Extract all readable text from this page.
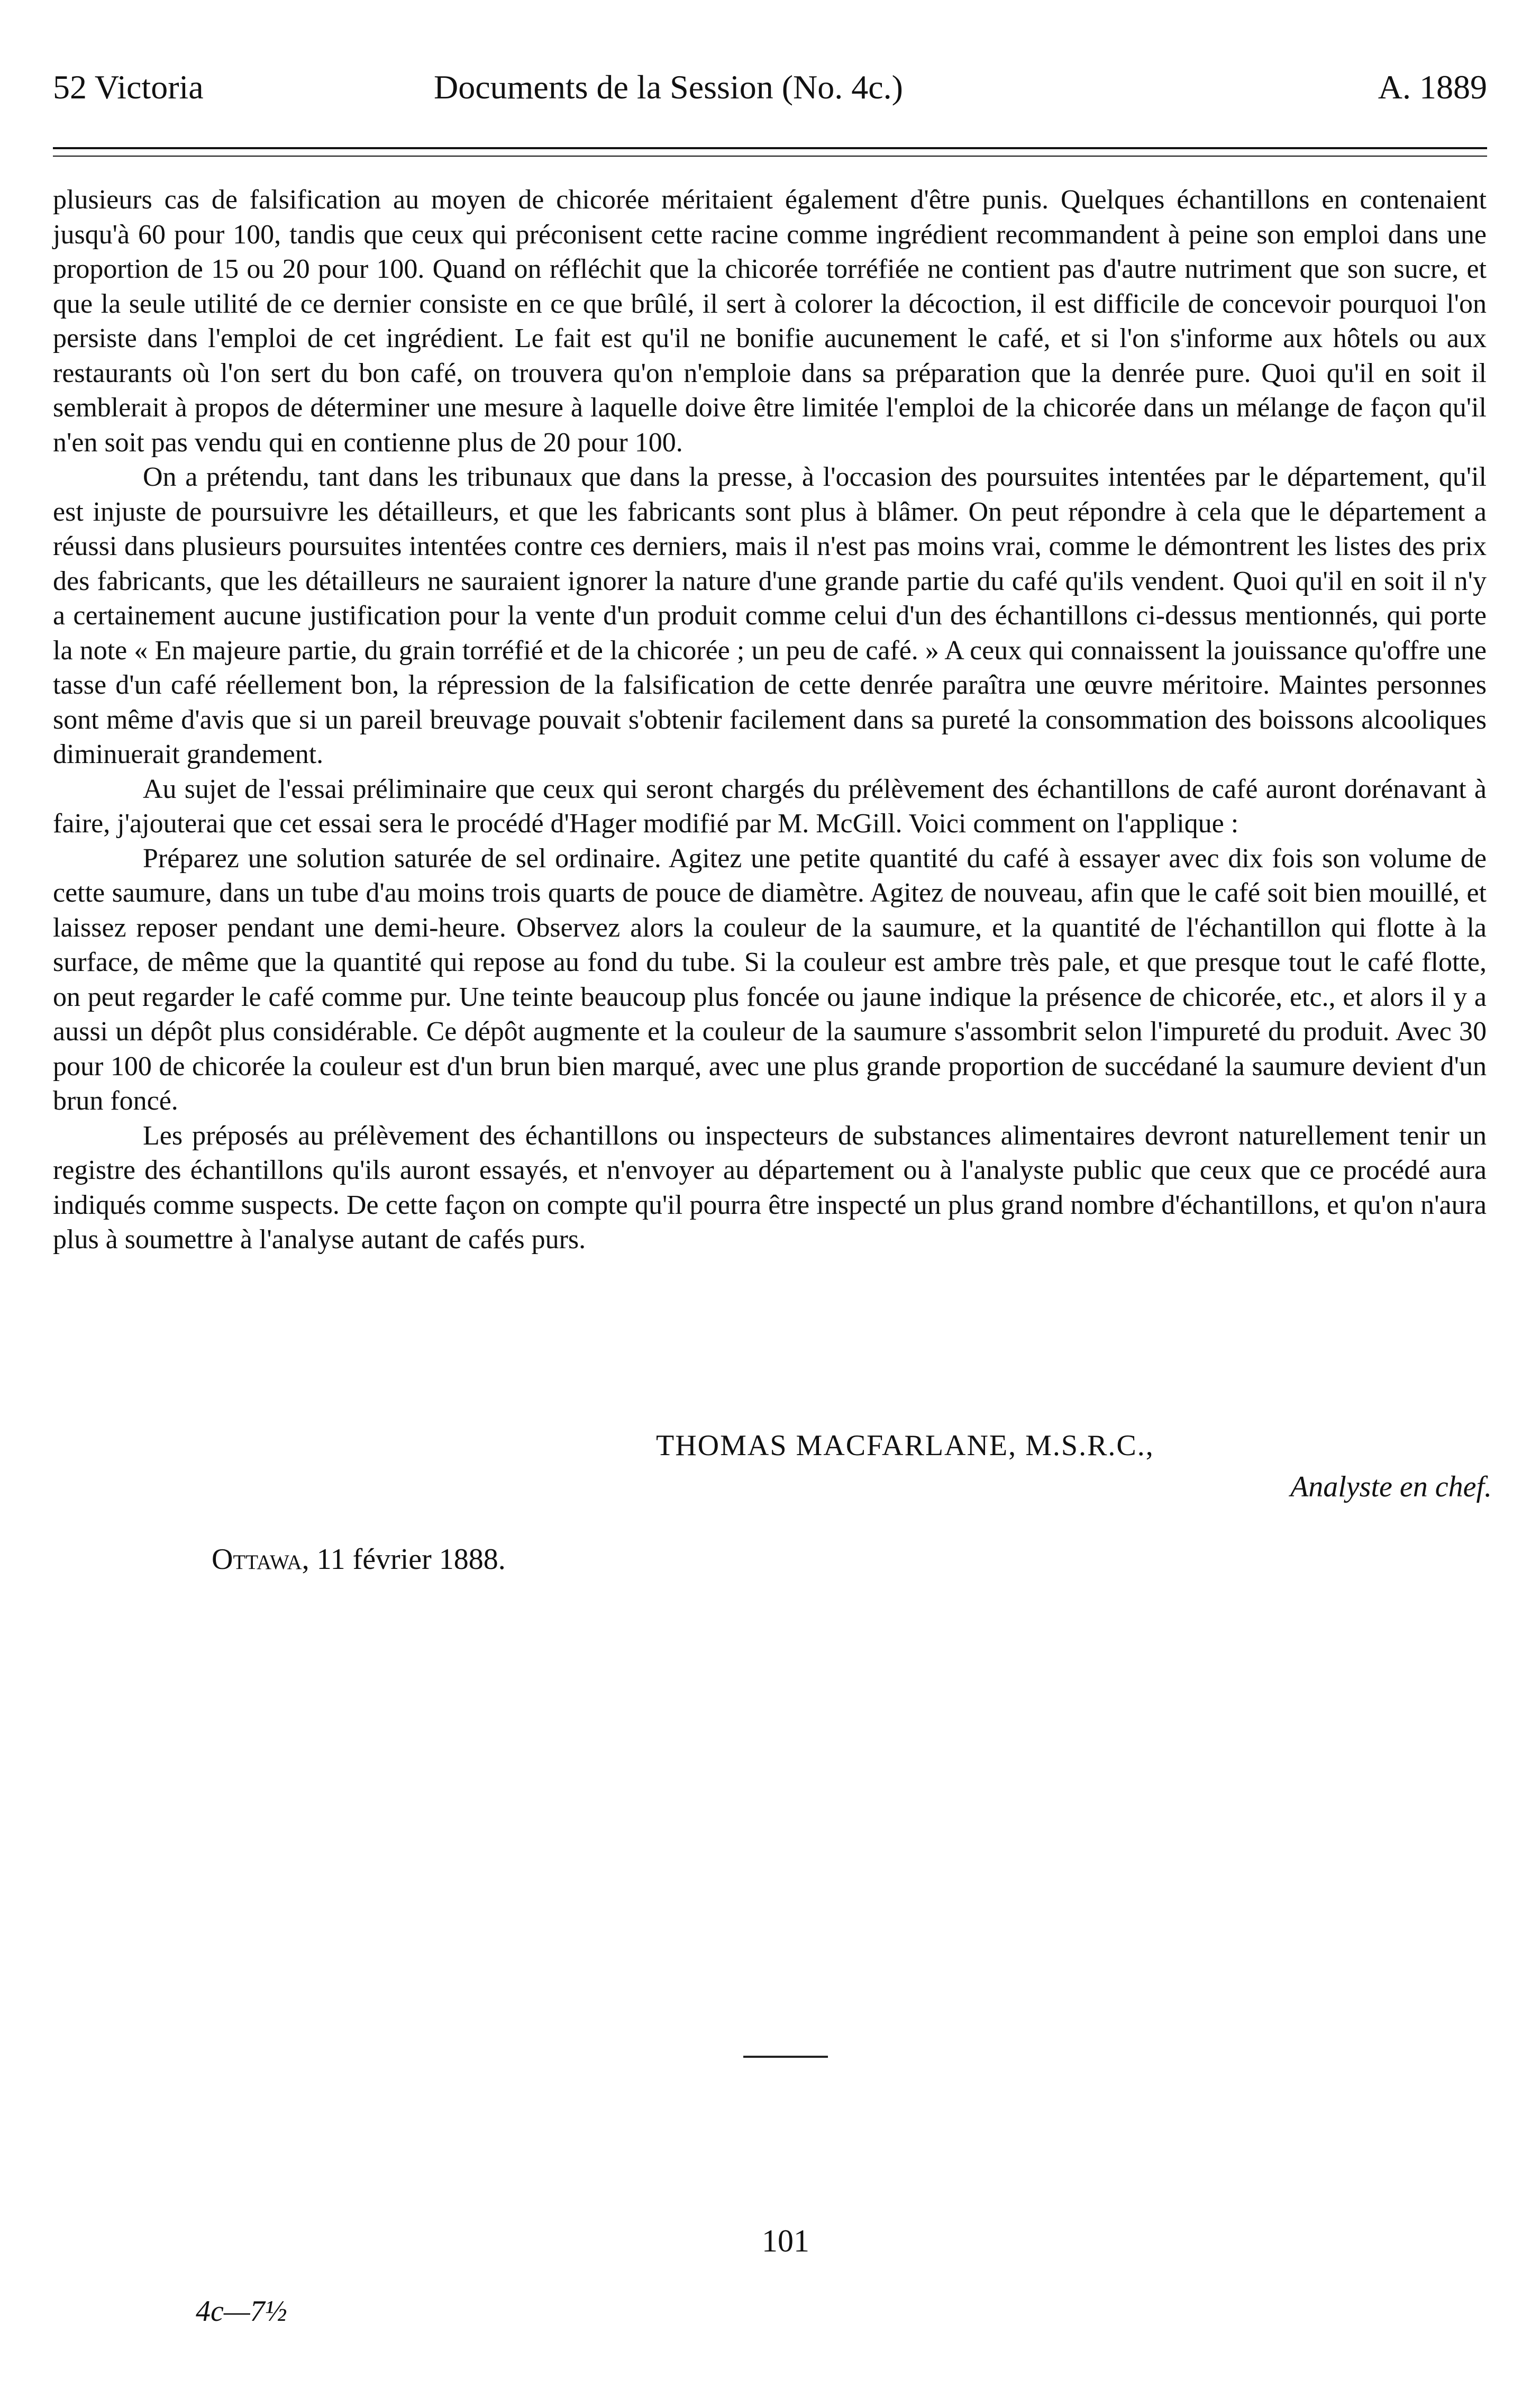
52 Victoria	Documents de la Session (No. 4c.)	A. 1889

plusieurs cas de falsification au moyen de chicorée méritaient également d'être punis. Quelques échantillons en contenaient jusqu'à 60 pour 100, tandis que ceux qui préconisent cette racine comme ingrédient recommandent à peine son emploi dans une proportion de 15 ou 20 pour 100. Quand on réfléchit que la chicorée torréfiée ne contient pas d'autre nutriment que son sucre, et que la seule utilité de ce dernier consiste en ce que brûlé, il sert à colorer la décoction, il est difficile de concevoir pourquoi l'on persiste dans l'emploi de cet ingrédient. Le fait est qu'il ne bonifie aucunement le café, et si l'on s'informe aux hôtels ou aux restaurants où l'on sert du bon café, on trouvera qu'on n'emploie dans sa préparation que la denrée pure. Quoi qu'il en soit il semblerait à propos de déterminer une mesure à laquelle doive être limitée l'emploi de la chicorée dans un mélange de façon qu'il n'en soit pas vendu qui en contienne plus de 20 pour 100.

On a prétendu, tant dans les tribunaux que dans la presse, à l'occasion des poursuites intentées par le département, qu'il est injuste de poursuivre les détailleurs, et que les fabricants sont plus à blâmer. On peut répondre à cela que le département a réussi dans plusieurs poursuites intentées contre ces derniers, mais il n'est pas moins vrai, comme le démontrent les listes des prix des fabricants, que les détailleurs ne sauraient ignorer la nature d'une grande partie du café qu'ils vendent. Quoi qu'il en soit il n'y a certainement aucune justification pour la vente d'un produit comme celui d'un des échantillons ci-dessus mentionnés, qui porte la note « En majeure partie, du grain torréfié et de la chicorée ; un peu de café. » A ceux qui connaissent la jouissance qu'offre une tasse d'un café réellement bon, la répression de la falsification de cette denrée paraîtra une œuvre méritoire. Maintes personnes sont même d'avis que si un pareil breuvage pouvait s'obtenir facilement dans sa pureté la consommation des boissons alcooliques diminuerait grandement.

Au sujet de l'essai préliminaire que ceux qui seront chargés du prélèvement des échantillons de café auront dorénavant à faire, j'ajouterai que cet essai sera le procédé d'Hager modifié par M. McGill. Voici comment on l'applique :

Préparez une solution saturée de sel ordinaire. Agitez une petite quantité du café à essayer avec dix fois son volume de cette saumure, dans un tube d'au moins trois quarts de pouce de diamètre. Agitez de nouveau, afin que le café soit bien mouillé, et laissez reposer pendant une demi-heure. Observez alors la couleur de la saumure, et la quantité de l'échantillon qui flotte à la surface, de même que la quantité qui repose au fond du tube. Si la couleur est ambre très pale, et que presque tout le café flotte, on peut regarder le café comme pur. Une teinte beaucoup plus foncée ou jaune indique la présence de chicorée, etc., et alors il y a aussi un dépôt plus considérable. Ce dépôt augmente et la couleur de la saumure s'assombrit selon l'impureté du produit. Avec 30 pour 100 de chicorée la couleur est d'un brun bien marqué, avec une plus grande proportion de succédané la saumure devient d'un brun foncé.

Les préposés au prélèvement des échantillons ou inspecteurs de substances alimentaires devront naturellement tenir un registre des échantillons qu'ils auront essayés, et n'envoyer au département ou à l'analyste public que ceux que ce procédé aura indiqués comme suspects. De cette façon on compte qu'il pourra être inspecté un plus grand nombre d'échantillons, et qu'on n'aura plus à soumettre à l'analyse autant de cafés purs.

THOMAS MACFARLANE, M.S.R.C.,
Analyste en chef.
Ottawa, 11 février 1888.
101
4c—7½
